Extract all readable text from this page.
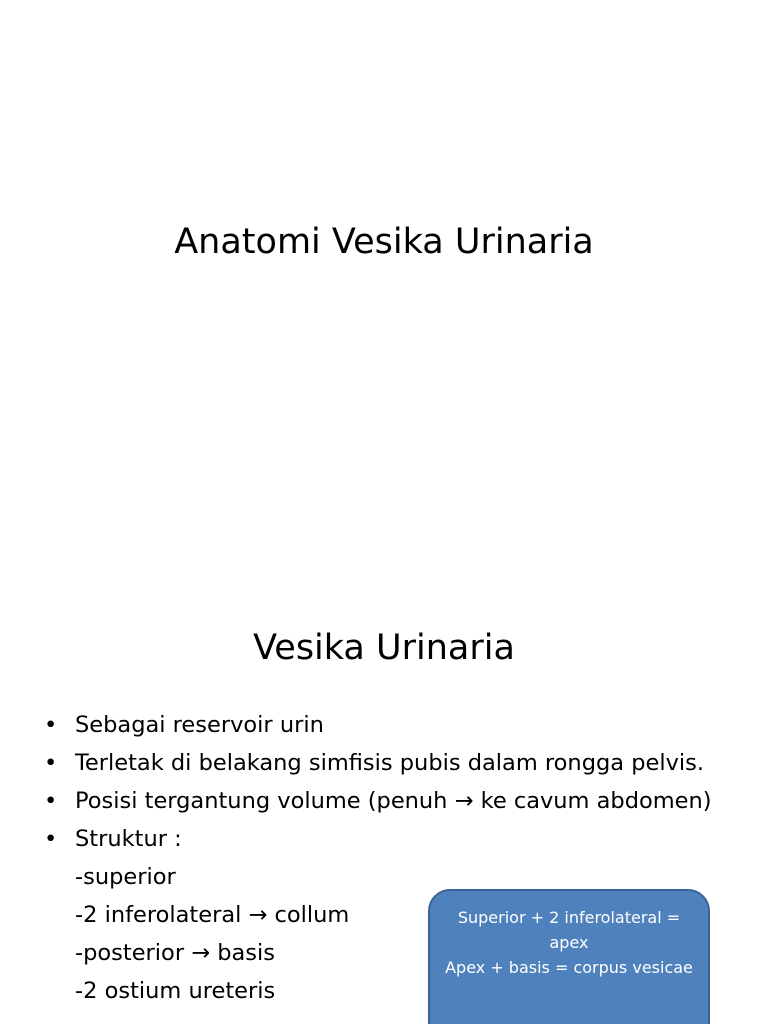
Anatomi Vesika Urinaria
Vesika Urinaria
• Sebagai reservoir urin
• Terletak di belakang simfisis pubis dalam rongga pelvis.
• Posisi tergantung volume (penuh → ke cavum abdomen)
• Struktur :
-superior
-2 inferolateral → collum
-posterior → basis
-2 ostium ureteris
Superior + 2 inferolateral = apex
Apex + basis = corpus vesicae
